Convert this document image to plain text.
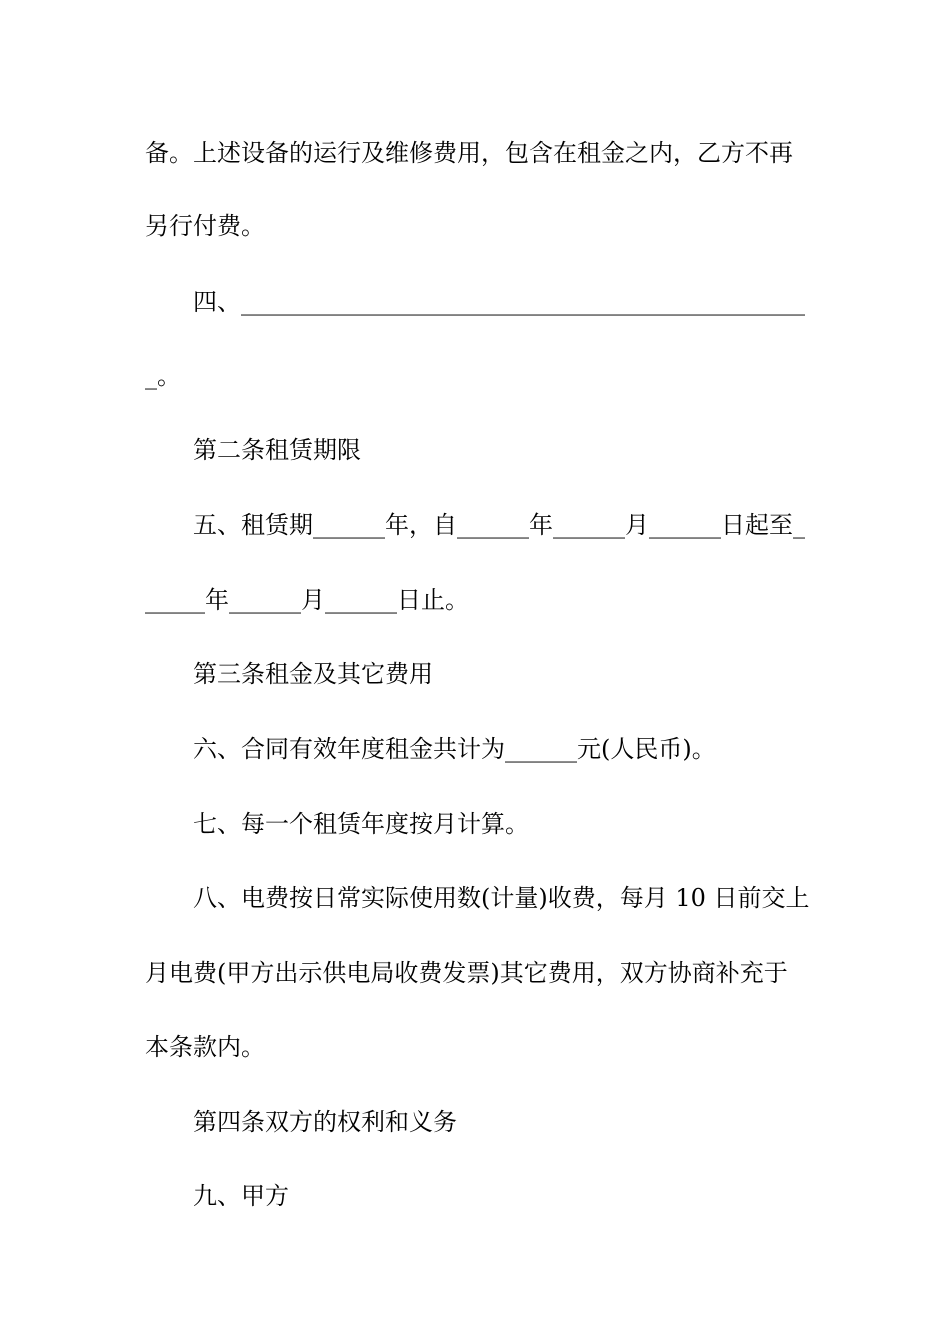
备。上述设备的运行及维修费用，包含在租金之内，乙方不再
另行付费。
四、_______________________________________________
_。
第二条租赁期限
五、租赁期______年，自______年______月______日起至_
_____年______月______日止。
第三条租金及其它费用
六、合同有效年度租金共计为______元(人民币)。
七、每一个租赁年度按月计算。
八、电费按日常实际使用数(计量)收费，每月 10 日前交上
月电费(甲方出示供电局收费发票)其它费用，双方协商补充于
本条款内。
第四条双方的权利和义务
九、甲方
